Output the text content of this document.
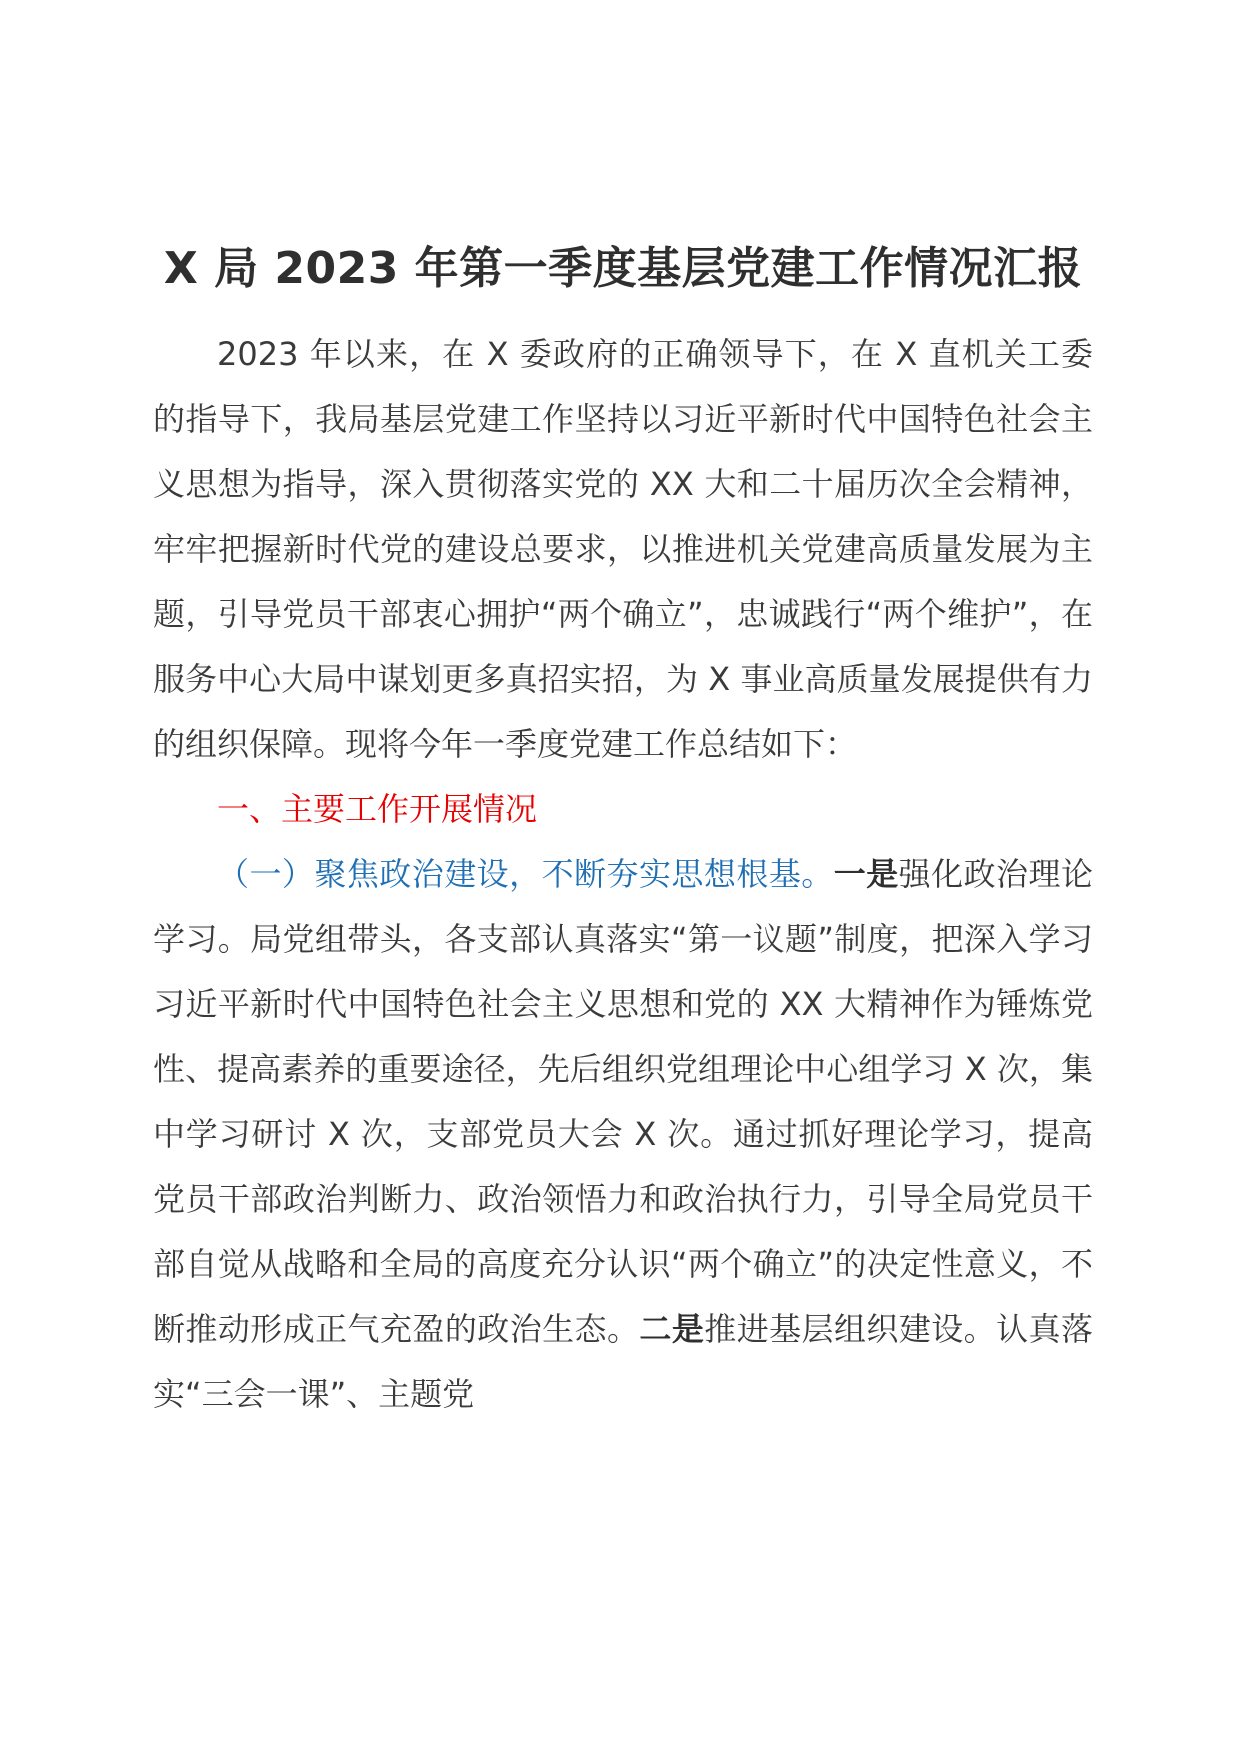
X 局 2023 年第一季度基层党建工作情况汇报

2023 年以来，在 X 委政府的正确领导下，在 X 直机关工委的指导下，我局基层党建工作坚持以习近平新时代中国特色社会主义思想为指导，深入贯彻落实党的 XX 大和二十届历次全会精神，牢牢把握新时代党的建设总要求，以推进机关党建高质量发展为主题，引导党员干部衷心拥护“两个确立”，忠诚践行“两个维护”，在服务中心大局中谋划更多真招实招，为 X 事业高质量发展提供有力的组织保障。现将今年一季度党建工作总结如下：

一、主要工作开展情况

（一）聚焦政治建设，不断夯实思想根基。一是强化政治理论学习。局党组带头，各支部认真落实“第一议题”制度，把深入学习习近平新时代中国特色社会主义思想和党的 XX 大精神作为锤炼党性、提高素养的重要途径，先后组织党组理论中心组学习 X 次，集中学习研讨 X 次，支部党员大会 X 次。通过抓好理论学习，提高党员干部政治判断力、政治领悟力和政治执行力，引导全局党员干部自觉从战略和全局的高度充分认识“两个确立”的决定性意义，不断推动形成正气充盈的政治生态。二是推进基层组织建设。认真落实“三会一课”、主题党
